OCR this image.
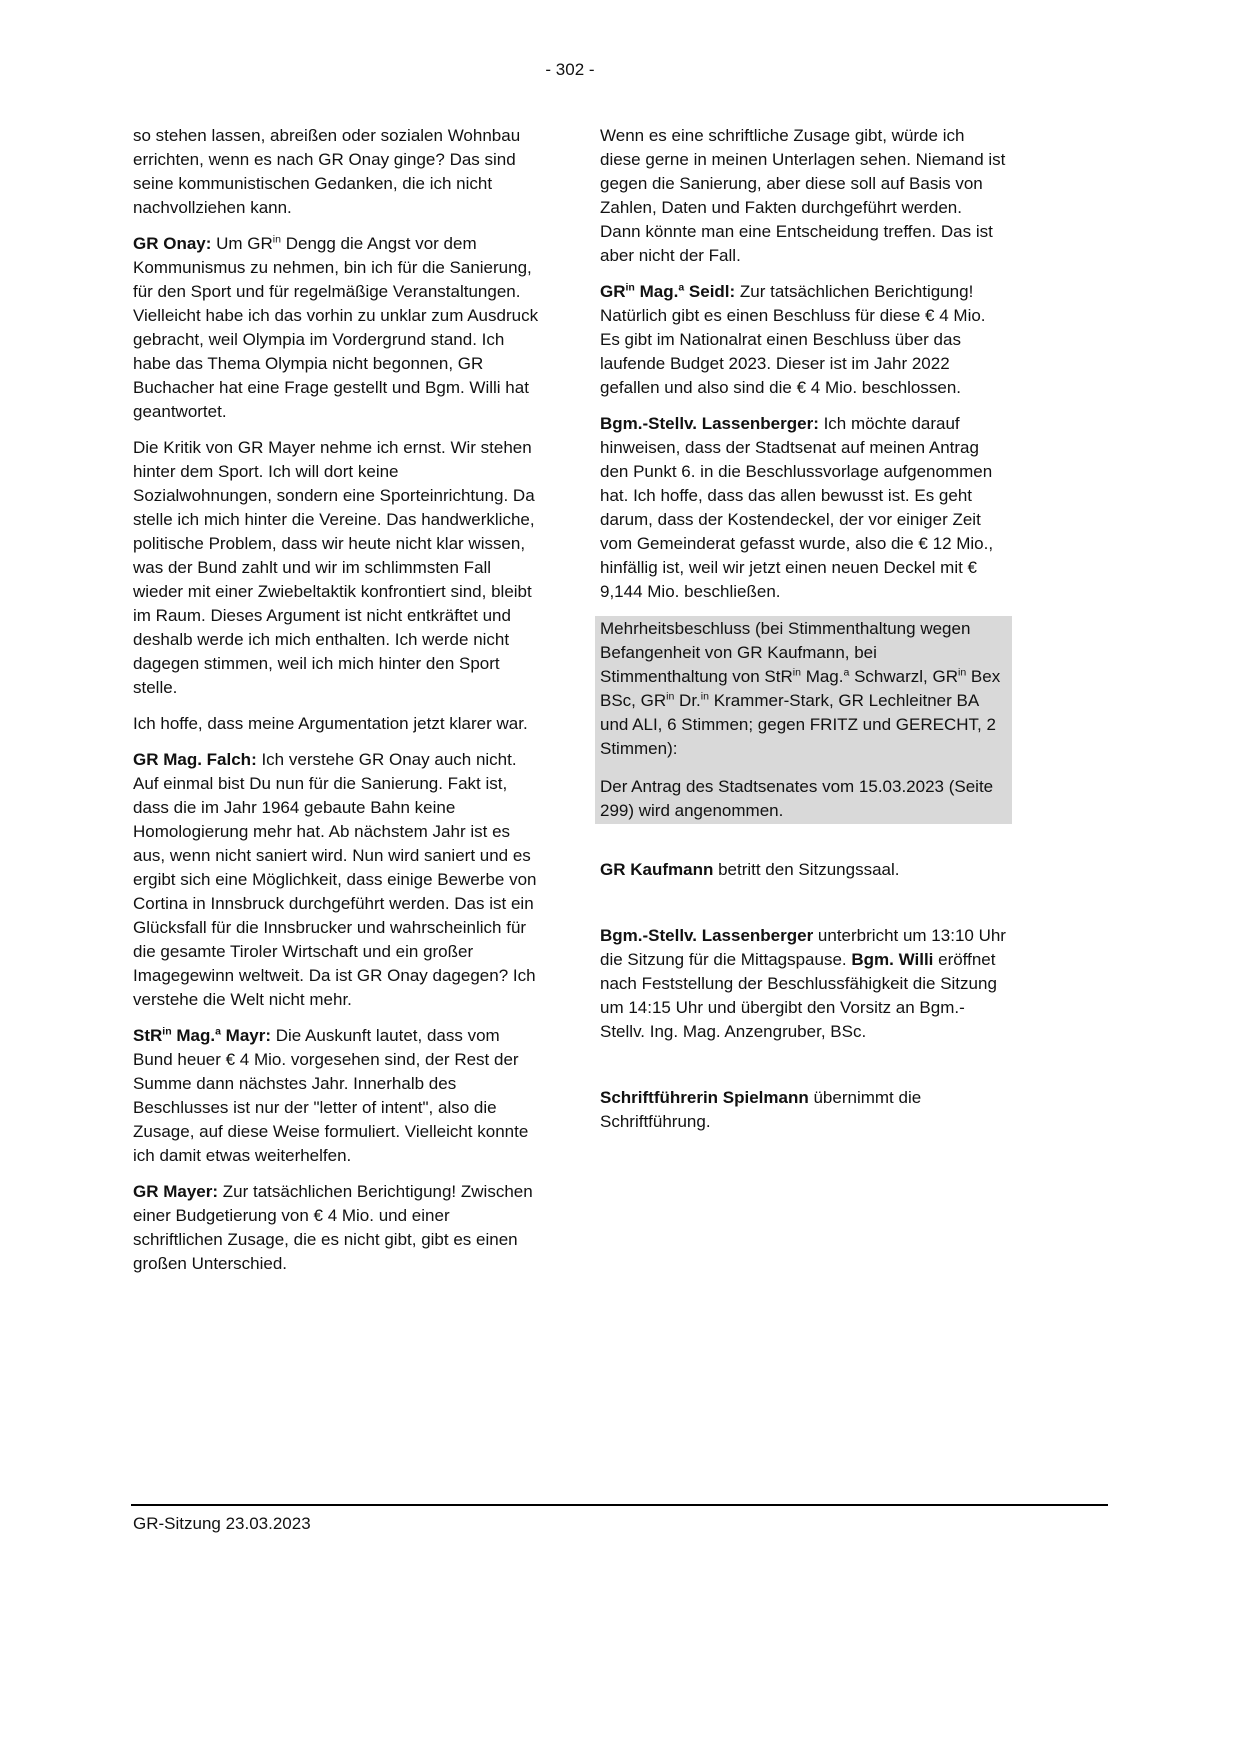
- 302 -

so stehen lassen, abreißen oder sozialen Wohnbau errichten, wenn es nach GR Onay ginge? Das sind seine kommunistischen Gedanken, die ich nicht nachvollziehen kann.

GR Onay: Um $GR^{in}$ Dengg die Angst vor dem Kommunismus zu nehmen, bin ich für die Sanierung, für den Sport und für regelmäßige Veranstaltungen. Vielleicht habe ich das vorhin zu unklar zum Ausdruck gebracht, weil Olympia im Vordergrund stand. Ich habe das Thema Olympia nicht begonnen, GR Buchacher hat eine Frage gestellt und Bgm. Willi hat geantwortet.

Die Kritik von GR Mayer nehme ich ernst. Wir stehen hinter dem Sport. Ich will dort keine Sozialwohnungen, sondern eine Sporteinrichtung. Da stelle ich mich hinter die Vereine. Das handwerkliche, politische Problem, dass wir heute nicht klar wissen, was der Bund zahlt und wir im schlimmsten Fall wieder mit einer Zwiebeltaktik konfrontiert sind, bleibt im Raum. Dieses Argument ist nicht entkräftet und deshalb werde ich mich enthalten. Ich werde nicht dagegen stimmen, weil ich mich hinter den Sport stelle.

Ich hoffe, dass meine Argumentation jetzt klarer war.

GR Mag. Falch: Ich verstehe GR Onay auch nicht. Auf einmal bist Du nun für die Sanierung. Fakt ist, dass die im Jahr 1964 gebaute Bahn keine Homologierung mehr hat. Ab nächstem Jahr ist es aus, wenn nicht saniert wird. Nun wird saniert und es ergibt sich eine Möglichkeit, dass einige Bewerbe von Cortina in Innsbruck durchgeführt werden. Das ist ein Glücksfall für die Innsbrucker und wahrscheinlich für die gesamte Tiroler Wirtschaft und ein großer Imagegewinn weltweit. Da ist GR Onay dagegen? Ich verstehe die Welt nicht mehr.

StR$^{in}$ Mag.$^a$ Mayr: Die Auskunft lautet, dass vom Bund heuer € 4 Mio. vorgesehen sind, der Rest der Summe dann nächstes Jahr. Innerhalb des Beschlusses ist nur der "letter of intent", also die Zusage, auf diese Weise formuliert. Vielleicht konnte ich damit etwas weiterhelfen.

GR Mayer: Zur tatsächlichen Berichtigung! Zwischen einer Budgetierung von € 4 Mio. und einer schriftlichen Zusage, die es nicht gibt, gibt es einen großen Unterschied.

Wenn es eine schriftliche Zusage gibt, würde ich diese gerne in meinen Unterlagen sehen. Niemand ist gegen die Sanierung, aber diese soll auf Basis von Zahlen, Daten und Fakten durchgeführt werden. Dann könnte man eine Entscheidung treffen. Das ist aber nicht der Fall.

$GR^{in}$ Mag.$^a$ Seidl: Zur tatsächlichen Berichtigung! Natürlich gibt es einen Beschluss für diese € 4 Mio. Es gibt im Nationalrat einen Beschluss über das laufende Budget 2023. Dieser ist im Jahr 2022 gefallen und also sind die € 4 Mio. beschlossen.

Bgm.-Stellv. Lassenberger: Ich möchte darauf hinweisen, dass der Stadtsenat auf meinen Antrag den Punkt 6. in die Beschlussvorlage aufgenommen hat. Ich hoffe, dass das allen bewusst ist. Es geht darum, dass der Kostendeckel, der vor einiger Zeit vom Gemeinderat gefasst wurde, also die € 12 Mio., hinfällig ist, weil wir jetzt einen neuen Deckel mit € 9,144 Mio. beschließen.

Mehrheitsbeschluss (bei Stimmenthaltung wegen Befangenheit von GR Kaufmann, bei Stimmenthaltung von StR$^{in}$ Mag.$^a$ Schwarzl, $GR^{in}$ Bex BSc, $GR^{in}$ Dr.$^{in}$ Krammer-Stark, GR Lechleitner BA und ALI, 6 Stimmen; gegen FRITZ und GERECHT, 2 Stimmen):

Der Antrag des Stadtsenates vom 15.03.2023 (Seite 299) wird angenommen.

GR Kaufmann betritt den Sitzungssaal.

Bgm.-Stellv. Lassenberger unterbricht um 13:10 Uhr die Sitzung für die Mittagspause. Bgm. Willi eröffnet nach Feststellung der Beschlussfähigkeit die Sitzung um 14:15 Uhr und übergibt den Vorsitz an Bgm.-Stellv. Ing. Mag. Anzengruber, BSc.

Schriftführerin Spielmann übernimmt die Schriftführung.

GR-Sitzung 23.03.2023
